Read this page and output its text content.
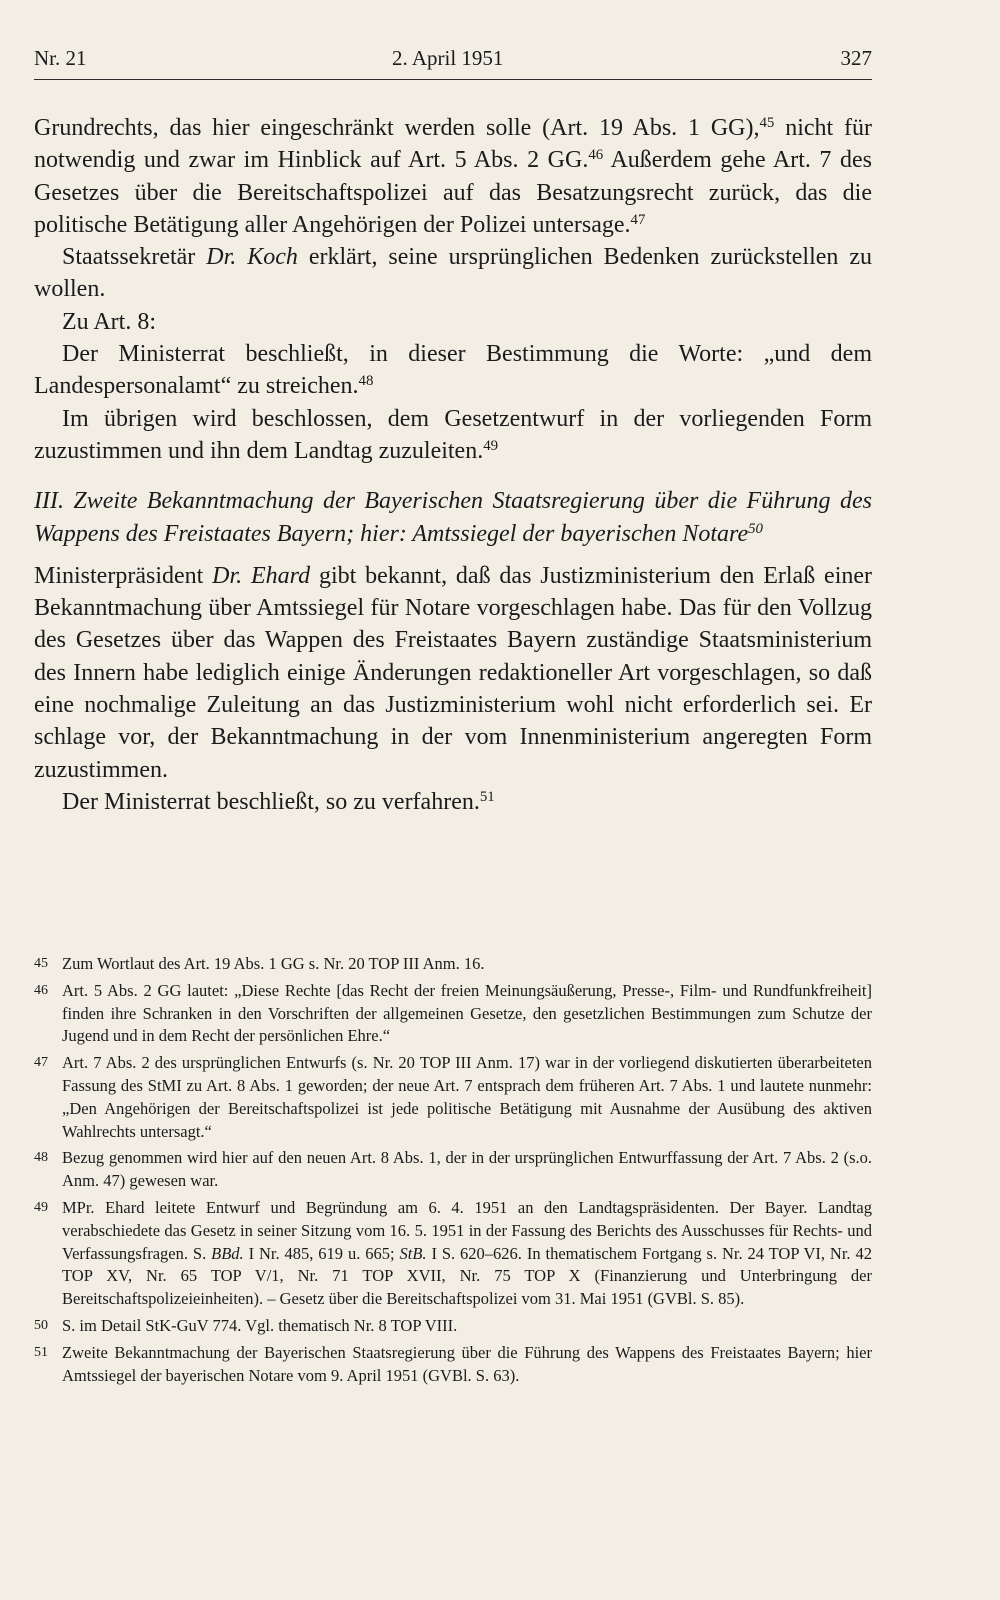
Nr. 21	2. April 1951	327

Grundrechts, das hier eingeschränkt werden solle (Art. 19 Abs. 1 GG),$^{45}$ nicht für notwendig und zwar im Hinblick auf Art. 5 Abs. 2 GG.$^{46}$ Außerdem gehe Art. 7 des Gesetzes über die Bereitschaftspolizei auf das Besatzungsrecht zurück, das die politische Betätigung aller Angehörigen der Polizei untersage.$^{47}$

Staatssekretär Dr. Koch erklärt, seine ursprünglichen Bedenken zurückstellen zu wollen.

Zu Art. 8:

Der Ministerrat beschließt, in dieser Bestimmung die Worte: „und dem Landespersonalamt“ zu streichen.$^{48}$

Im übrigen wird beschlossen, dem Gesetzentwurf in der vorliegenden Form zuzustimmen und ihn dem Landtag zuzuleiten.$^{49}$

III. Zweite Bekanntmachung der Bayerischen Staatsregierung über die Führung des Wappens des Freistaates Bayern; hier: Amtssiegel der bayerischen Notare$^{50}$

Ministerpräsident Dr. Ehard gibt bekannt, daß das Justizministerium den Erlaß einer Bekanntmachung über Amtssiegel für Notare vorgeschlagen habe. Das für den Vollzug des Gesetzes über das Wappen des Freistaates Bayern zuständige Staatsministerium des Innern habe lediglich einige Änderungen redaktioneller Art vorgeschlagen, so daß eine nochmalige Zuleitung an das Justizministerium wohl nicht erforderlich sei. Er schlage vor, der Bekanntmachung in der vom Innenministerium angeregten Form zuzustimmen.

Der Ministerrat beschließt, so zu verfahren.$^{51}$

45 Zum Wortlaut des Art. 19 Abs. 1 GG s. Nr. 20 TOP III Anm. 16.

46 Art. 5 Abs. 2 GG lautet: „Diese Rechte [das Recht der freien Meinungsäußerung, Presse-, Film- und Rundfunkfreiheit] finden ihre Schranken in den Vorschriften der allgemeinen Gesetze, den gesetzlichen Bestimmungen zum Schutze der Jugend und in dem Recht der persönlichen Ehre.“

47 Art. 7 Abs. 2 des ursprünglichen Entwurfs (s. Nr. 20 TOP III Anm. 17) war in der vorliegend diskutierten überarbeiteten Fassung des StMI zu Art. 8 Abs. 1 geworden; der neue Art. 7 entsprach dem früheren Art. 7 Abs. 1 und lautete nunmehr: „Den Angehörigen der Bereitschaftspolizei ist jede politische Betätigung mit Ausnahme der Ausübung des aktiven Wahlrechts untersagt.“

48 Bezug genommen wird hier auf den neuen Art. 8 Abs. 1, der in der ursprünglichen Entwurffassung der Art. 7 Abs. 2 (s.o. Anm. 47) gewesen war.

49 MPr. Ehard leitete Entwurf und Begründung am 6. 4. 1951 an den Landtagspräsidenten. Der Bayer. Landtag verabschiedete das Gesetz in seiner Sitzung vom 16. 5. 1951 in der Fassung des Berichts des Ausschusses für Rechts- und Verfassungsfragen. S. BBd. I Nr. 485, 619 u. 665; StB. I S. 620–626. In thematischem Fortgang s. Nr. 24 TOP VI, Nr. 42 TOP XV, Nr. 65 TOP V/1, Nr. 71 TOP XVII, Nr. 75 TOP X (Finanzierung und Unterbringung der Bereitschaftspolizeieinheiten). – Gesetz über die Bereitschaftspolizei vom 31. Mai 1951 (GVBl. S. 85).

50 S. im Detail StK-GuV 774. Vgl. thematisch Nr. 8 TOP VIII.

51 Zweite Bekanntmachung der Bayerischen Staatsregierung über die Führung des Wappens des Freistaates Bayern; hier Amtssiegel der bayerischen Notare vom 9. April 1951 (GVBl. S. 63).
